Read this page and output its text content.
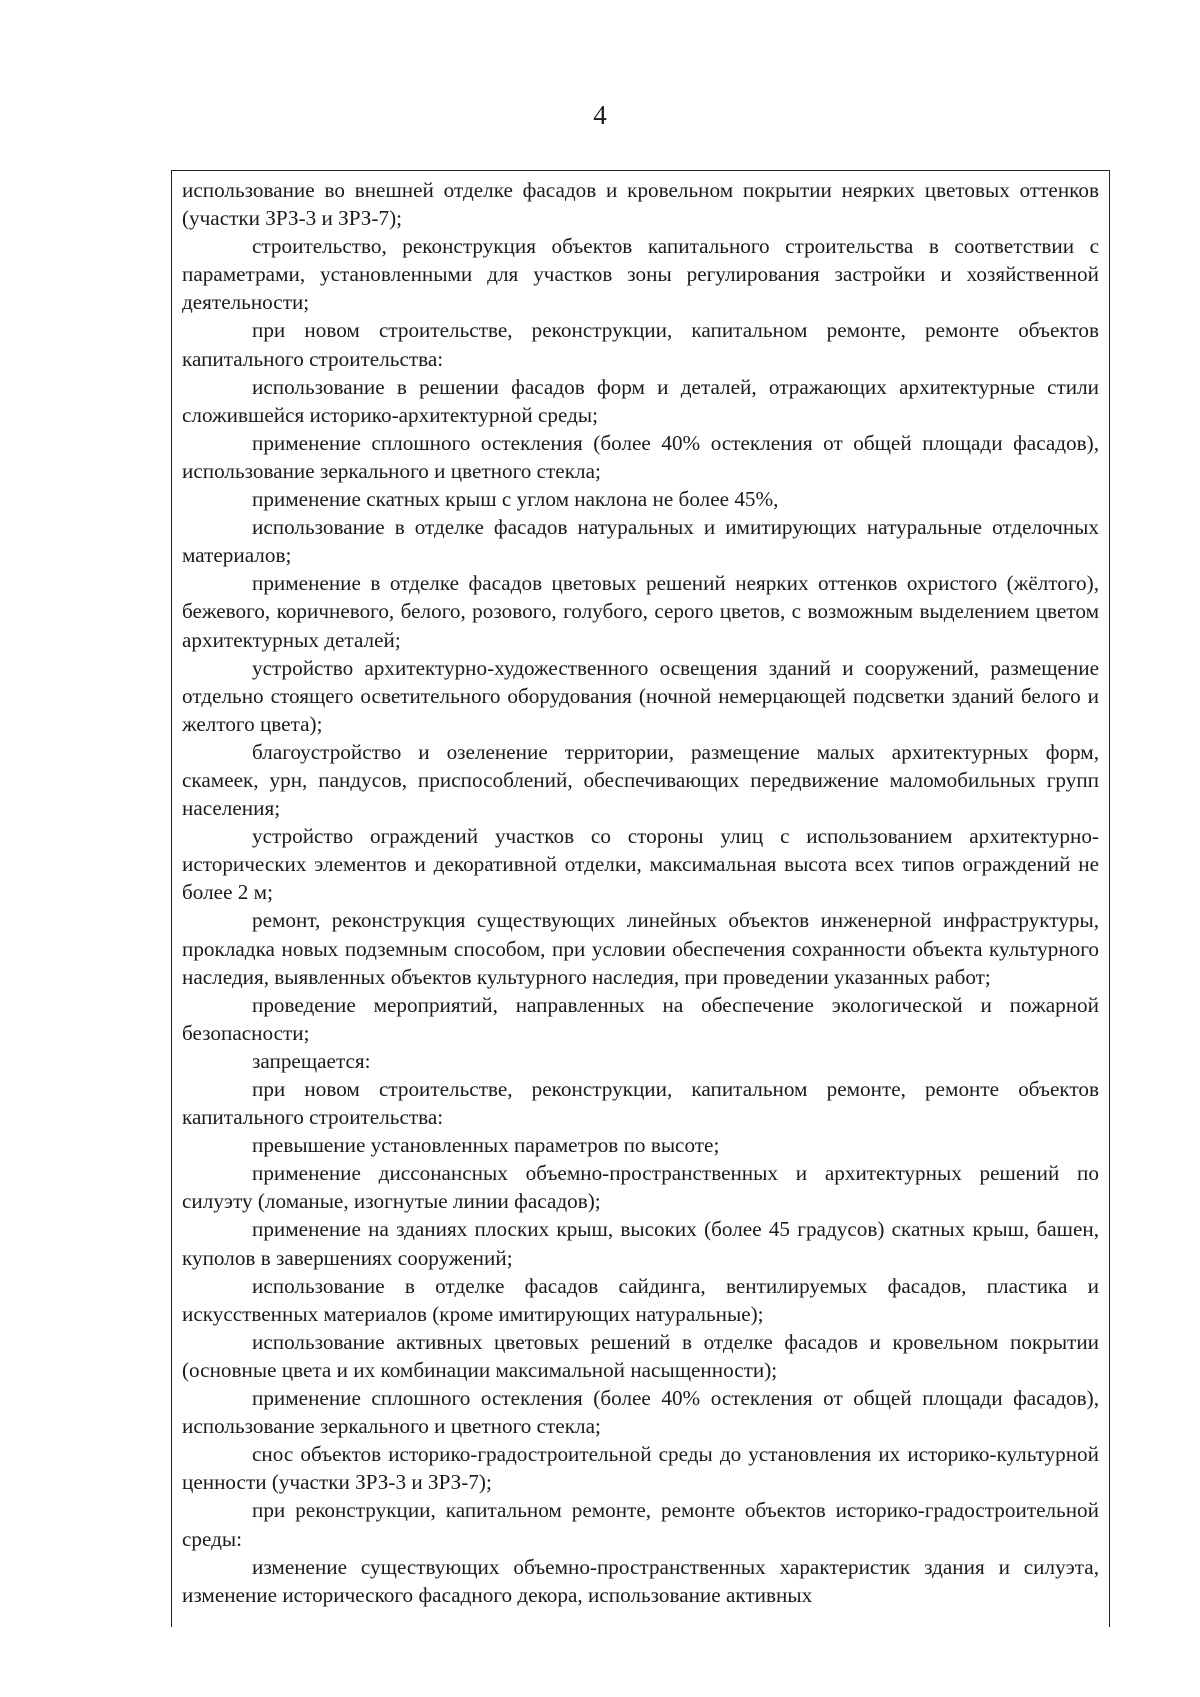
4

использование во внешней отделке фасадов и кровельном покрытии неярких цветовых оттенков (участки ЗРЗ-3 и ЗРЗ-7);

строительство, реконструкция объектов капитального строительства в соответствии с параметрами, установленными для участков зоны регулирования застройки и хозяйственной деятельности;

при новом строительстве, реконструкции, капитальном ремонте, ремонте объектов капитального строительства:

использование в решении фасадов форм и деталей, отражающих архитектурные стили сложившейся историко-архитектурной среды;

применение сплошного остекления (более 40% остекления от общей площади фасадов), использование зеркального и цветного стекла;

применение скатных крыш с углом наклона не более 45%,

использование в отделке фасадов натуральных и имитирующих натуральные отделочных материалов;

применение в отделке фасадов цветовых решений неярких оттенков охристого (жёлтого), бежевого, коричневого, белого, розового, голубого, серого цветов, с возможным выделением цветом архитектурных деталей;

устройство архитектурно-художественного освещения зданий и сооружений, размещение отдельно стоящего осветительного оборудования (ночной немерцающей подсветки зданий белого и желтого цвета);

благоустройство и озеленение территории, размещение малых архитектурных форм, скамеек, урн, пандусов, приспособлений, обеспечивающих передвижение маломобильных групп населения;

устройство ограждений участков со стороны улиц с использованием архитектурно-исторических элементов и декоративной отделки, максимальная высота всех типов ограждений не более 2 м;

ремонт, реконструкция существующих линейных объектов инженерной инфраструктуры, прокладка новых подземным способом, при условии обеспечения сохранности объекта культурного наследия, выявленных объектов культурного наследия, при проведении указанных работ;

проведение мероприятий, направленных на обеспечение экологической и пожарной безопасности;

запрещается:

при новом строительстве, реконструкции, капитальном ремонте, ремонте объектов капитального строительства:

превышение установленных параметров по высоте;

применение диссонансных объемно-пространственных и архитектурных решений по силуэту (ломаные, изогнутые линии фасадов);

применение на зданиях плоских крыш, высоких (более 45 градусов) скатных крыш, башен, куполов в завершениях сооружений;

использование в отделке фасадов сайдинга, вентилируемых фасадов, пластика и искусственных материалов (кроме имитирующих натуральные);

использование активных цветовых решений в отделке фасадов и кровельном покрытии (основные цвета и их комбинации максимальной насыщенности);

применение сплошного остекления (более 40% остекления от общей площади фасадов), использование зеркального и цветного стекла;

снос объектов историко-градостроительной среды до установления их историко-культурной ценности (участки ЗРЗ-3 и ЗРЗ-7);

при реконструкции, капитальном ремонте, ремонте объектов историко-градостроительной среды:

изменение существующих объемно-пространственных характеристик здания и силуэта, изменение исторического фасадного декора, использование активных
